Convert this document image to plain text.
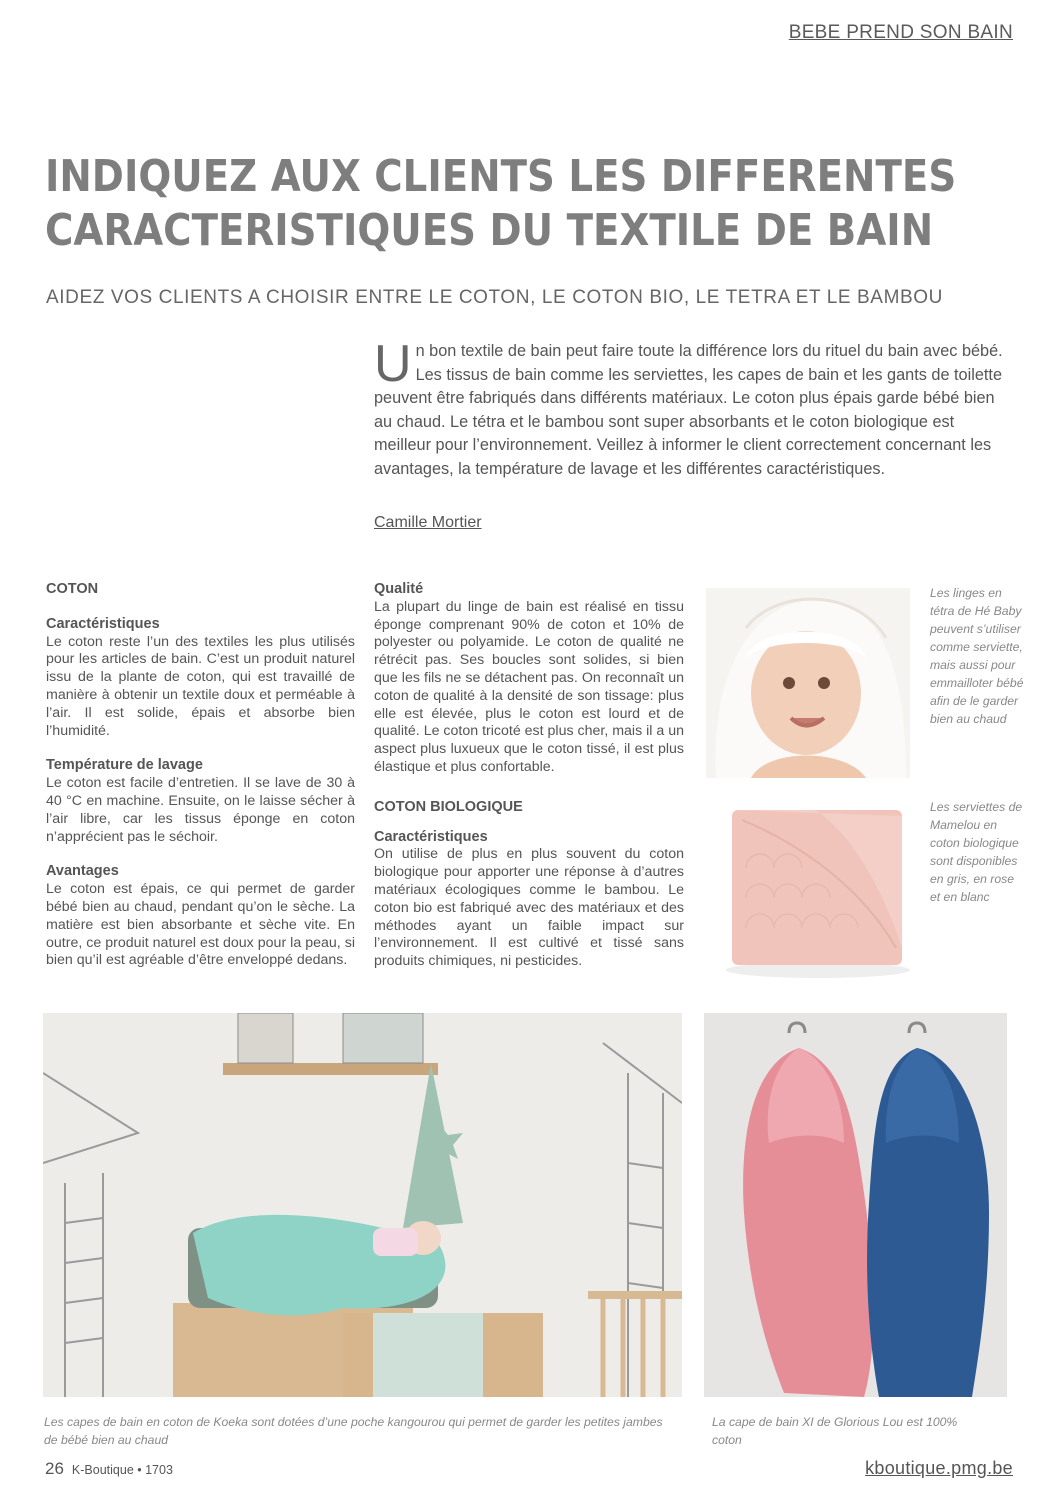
BEBE PREND SON BAIN
INDIQUEZ AUX CLIENTS LES DIFFERENTES
CARACTERISTIQUES DU TEXTILE DE BAIN
AIDEZ VOS CLIENTS A CHOISIR ENTRE LE COTON, LE COTON BIO, LE TETRA ET LE BAMBOU
Un bon textile de bain peut faire toute la différence lors du rituel du bain avec bébé. Les tissus de bain comme les serviettes, les capes de bain et les gants de toilette peuvent être fabriqués dans différents matériaux. Le coton plus épais garde bébé bien au chaud. Le tétra et le bambou sont super absorbants et le coton biologique est meilleur pour l’environnement. Veillez à informer le client correctement concernant les avantages, la température de lavage et les différentes caractéristiques.
Camille Mortier
COTON
Caractéristiques

Le coton reste l’un des textiles les plus utilisés pour les articles de bain. C’est un produit naturel issu de la plante de coton, qui est travaillé de manière à obtenir un textile doux et perméable à l’air. Il est solide, épais et absorbe bien l’humidité.

Température de lavage

Le coton est facile d’entretien. Il se lave de 30 à 40 °C en machine. Ensuite, on le laisse sécher à l’air libre, car les tissus éponge en coton n’apprécient pas le séchoir.

Avantages

Le coton est épais, ce qui permet de garder bébé bien au chaud, pendant qu’on le sèche. La matière est bien absorbante et sèche vite. En outre, ce produit naturel est doux pour la peau, si bien qu’il est agréable d’être enveloppé dedans.

Qualité

La plupart du linge de bain est réalisé en tissu éponge comprenant 90% de coton et 10% de polyester ou polyamide. Le coton de qualité ne rétrécit pas. Ses boucles sont solides, si bien que les fils ne se détachent pas. On reconnaît un coton de qualité à la densité de son tissage: plus elle est élevée, plus le coton est lourd et de qualité. Le coton tricoté est plus cher, mais il a un aspect plus luxueux que le coton tissé, il est plus élastique et plus confortable.

COTON BIOLOGIQUE
Caractéristiques

On utilise de plus en plus souvent du coton biologique pour apporter une réponse à d’autres matériaux écologiques comme le bambou. Le coton bio est fabriqué avec des matériaux et des méthodes ayant un faible impact sur l’environnement. Il est cultivé et tissé sans produits chimiques, ni pesticides.

Les linges en tétra de Hé Baby peuvent s’utiliser comme serviette, mais aussi pour emmailloter bébé afin de le garder bien au chaud
Les serviettes de Mamelou en coton biologique sont disponibles en gris, en rose et en blanc
Les capes de bain en coton de Koeka sont dotées d’une poche kangourou qui permet de garder les petites jambes de bébé bien au chaud
La cape de bain XI de Glorious Lou est 100% coton
26 K-Boutique • 1703	kboutique.pmg.be
